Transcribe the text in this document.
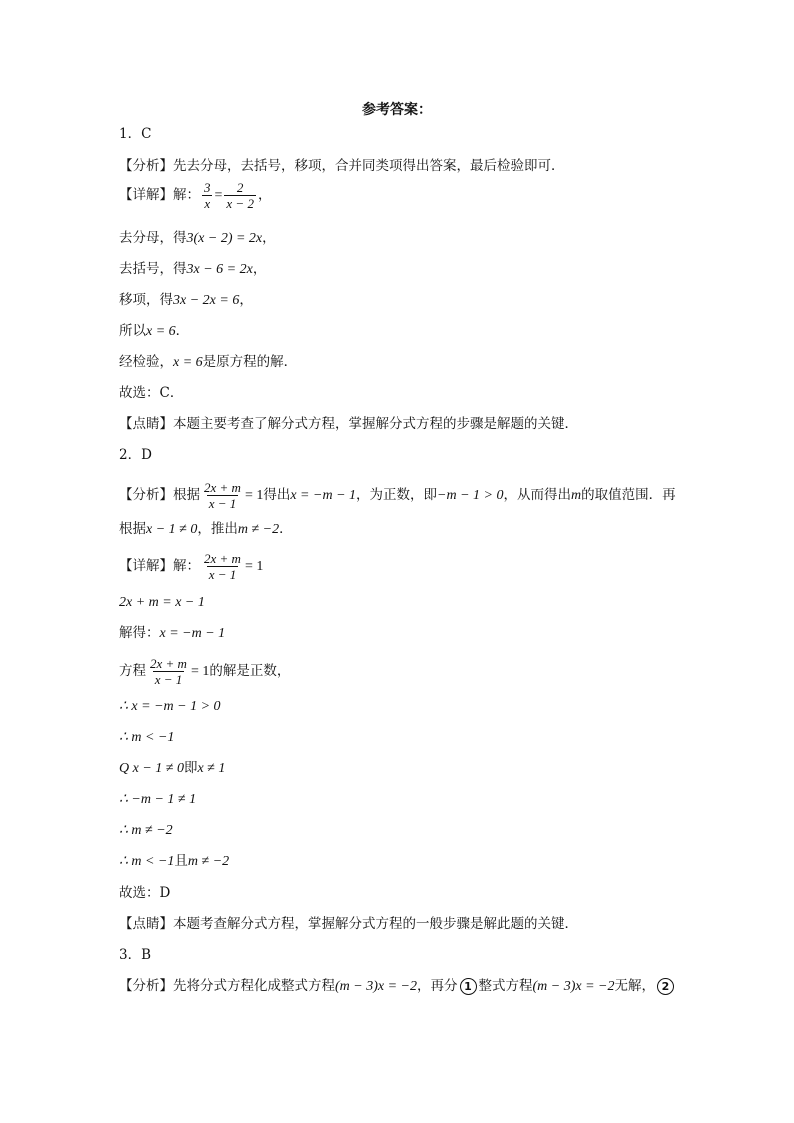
参考答案：
1．C
【分析】先去分母，去括号，移项，合并同类项得出答案，最后检验即可．
【详解】解： $\frac{3}{x} = \frac{2}{x - 2}$ ，
去分母，得3(x − 2) = 2x，
去括号，得3x − 6 = 2x，
移项，得3x − 2x = 6，
所以x = 6．
经检验，x = 6是原方程的解．
故选：C．
【点睛】本题主要考查了解分式方程，掌握解分式方程的步骤是解题的关键．
2．D
【分析】根据 $\frac{2x + m}{x - 1} = 1$得出x = −m − 1，为正数，即−m − 1 > 0，从而得出m的取值范围．再
根据x − 1 ≠ 0，推出m ≠ −2．
【详解】解： $\frac{2x + m}{x - 1} = 1$
2x + m = x − 1
解得：x = −m − 1
方程 $\frac{2x + m}{x - 1} = 1$的解是正数，
∴ x = −m − 1 > 0
∴ m < −1
Q x − 1 ≠ 0即x ≠ 1
∴ −m − 1 ≠ 1
∴ m ≠ −2
∴ m < −1且m ≠ −2
故选：D
【点睛】本题考查解分式方程，掌握解分式方程的一般步骤是解此题的关键．
3．B
【分析】先将分式方程化成整式方程(m − 3)x = −2，再分 1 整式方程(m − 3)x = −2无解， 2
